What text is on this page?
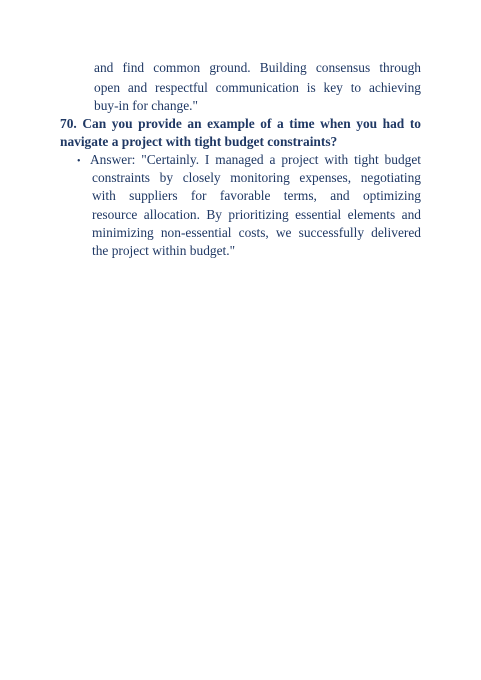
and find common ground. Building consensus through
open and respectful communication is key to achieving
buy-in for change."
70. Can you provide an example of a time when you had to
navigate a project with tight budget constraints?
• Answer: "Certainly. I managed a project with tight budget
constraints by closely monitoring expenses, negotiating
with suppliers for favorable terms, and optimizing
resource allocation. By prioritizing essential elements and
minimizing non-essential costs, we successfully delivered
the project within budget."
